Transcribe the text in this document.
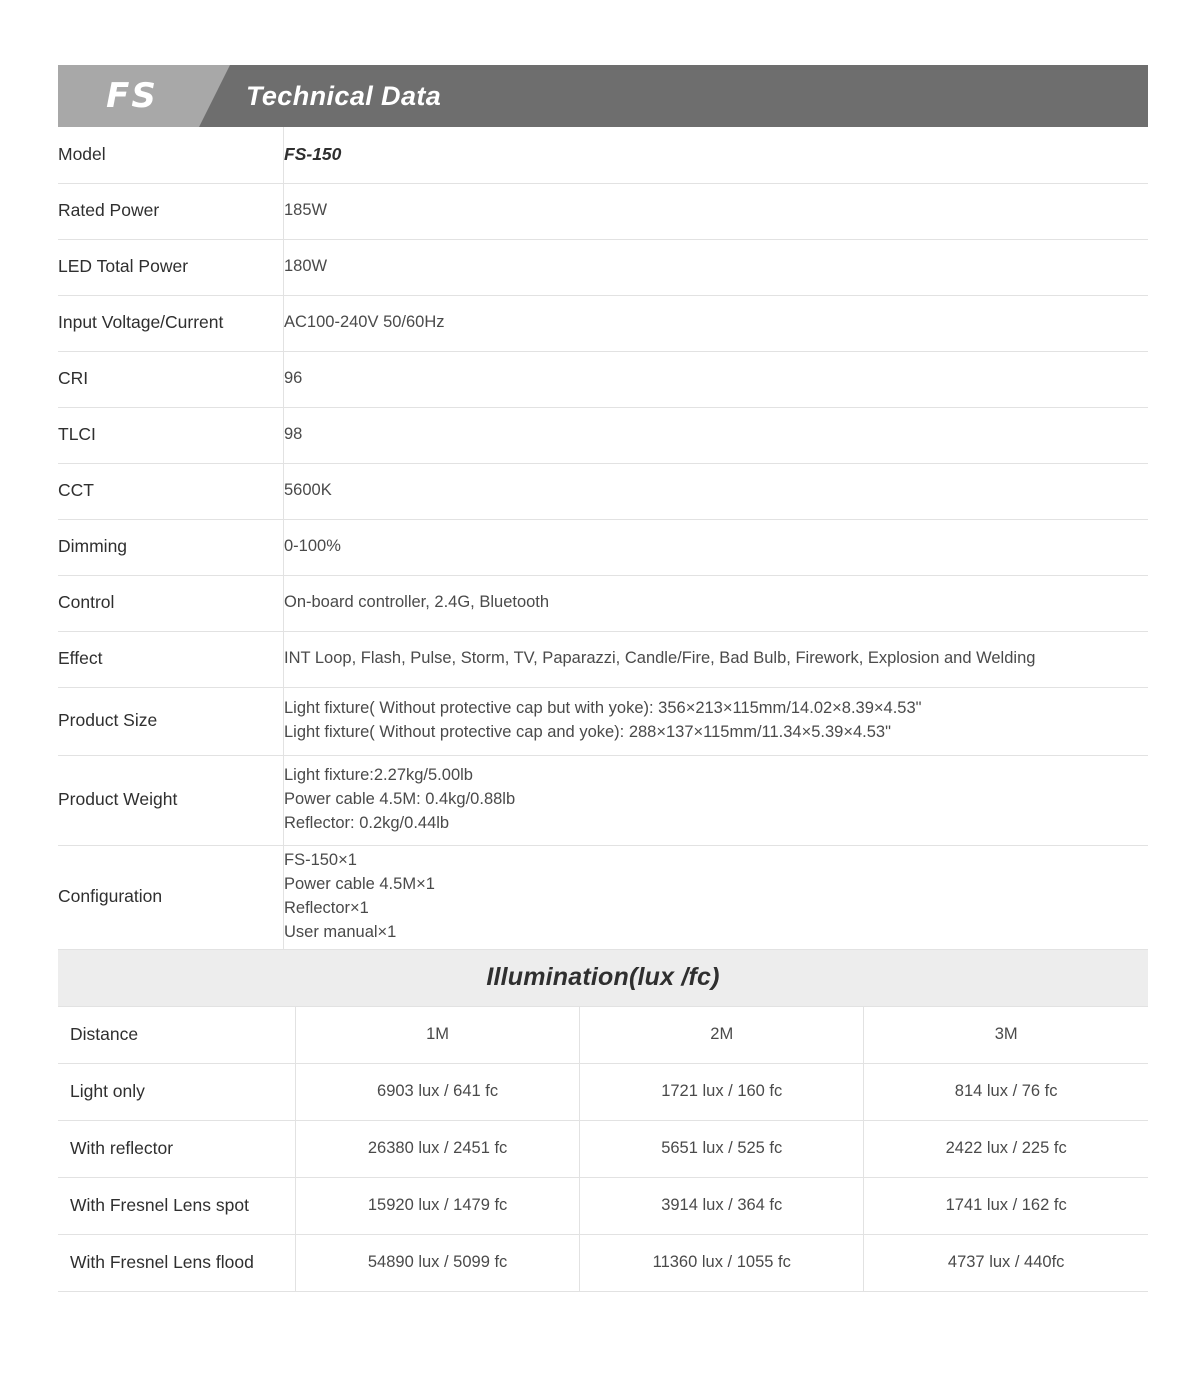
FS	Technical Data
Model	FS-150
Rated Power	185W
LED Total Power	180W
Input Voltage/Current	AC100-240V 50/60Hz
CRI	96
TLCI	98
CCT	5600K
Dimming	0-100%
Control	On-board controller, 2.4G, Bluetooth
Effect	INT Loop, Flash, Pulse, Storm, TV, Paparazzi, Candle/Fire, Bad Bulb, Firework, Explosion and Welding
Product Size	Light fixture( Without protective cap but with yoke): 356×213×115mm/14.02×8.39×4.53"
Light fixture( Without protective cap and yoke): 288×137×115mm/11.34×5.39×4.53"

Product Weight	Light fixture:2.27kg/5.00lb
Power cable 4.5M: 0.4kg/0.88lb
Reflector: 0.2kg/0.44lb

Configuration	FS-150×1
Power cable 4.5M×1
Reflector×1
User manual×1
Illumination(lux /fc)
Distance	1M	2M	3M
Light only	6903 lux / 641 fc	1721 lux / 160 fc	814 lux / 76 fc
With reflector	26380 lux / 2451 fc	5651 lux / 525 fc	2422 lux / 225 fc
With Fresnel Lens spot	15920 lux / 1479 fc	3914 lux / 364 fc	1741 lux / 162 fc
With Fresnel Lens flood	54890 lux / 5099 fc	11360 lux / 1055 fc	4737 lux / 440fc
